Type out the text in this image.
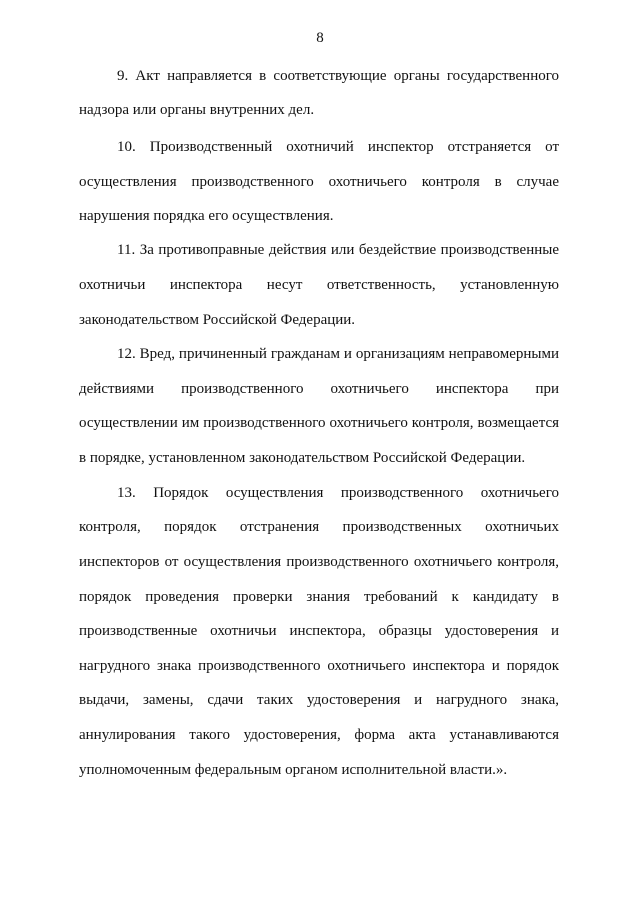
8
9. Акт направляется в соответствующие органы государственного
надзора или органы внутренних дел.
10. Производственный охотничий инспектор отстраняется от
осуществления производственного охотничьего контроля в случае
нарушения порядка его осуществления.
11. За противоправные действия или бездействие производственные
охотничьи инспектора несут ответственность, установленную
законодательством Российской Федерации.
12. Вред, причиненный гражданам и организациям неправомерными
действиями производственного охотничьего инспектора при
осуществлении им производственного охотничьего контроля, возмещается
в порядке, установленном законодательством Российской Федерации.
13. Порядок осуществления производственного охотничьего
контроля, порядок отстранения производственных охотничьих
инспекторов от осуществления производственного охотничьего контроля,
порядок проведения проверки знания требований к кандидату в
производственные охотничьи инспектора, образцы удостоверения и
нагрудного знака производственного охотничьего инспектора и порядок
выдачи, замены, сдачи таких удостоверения и нагрудного знака,
аннулирования такого удостоверения, форма акта устанавливаются
уполномоченным федеральным органом исполнительной власти.».
